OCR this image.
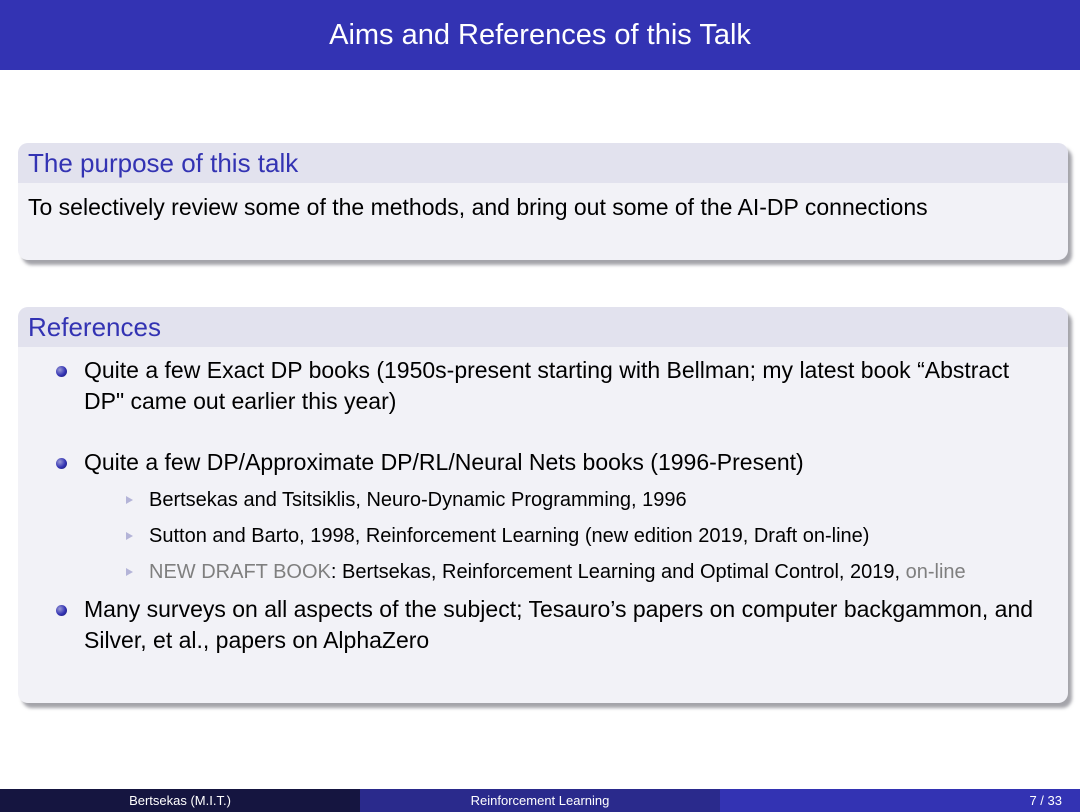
Aims and References of this Talk
The purpose of this talk
To selectively review some of the methods, and bring out some of the AI-DP connections
References
Quite a few Exact DP books (1950s-present starting with Bellman; my latest book “Abstract DP" came out earlier this year)
Quite a few DP/Approximate DP/RL/Neural Nets books (1996-Present)
Bertsekas and Tsitsiklis, Neuro-Dynamic Programming, 1996
Sutton and Barto, 1998, Reinforcement Learning (new edition 2019, Draft on-line)
NEW DRAFT BOOK: Bertsekas, Reinforcement Learning and Optimal Control, 2019, on-line
Many surveys on all aspects of the subject; Tesauro’s papers on computer backgammon, and Silver, et al., papers on AlphaZero
Bertsekas (M.I.T.)	Reinforcement Learning	7 / 33
